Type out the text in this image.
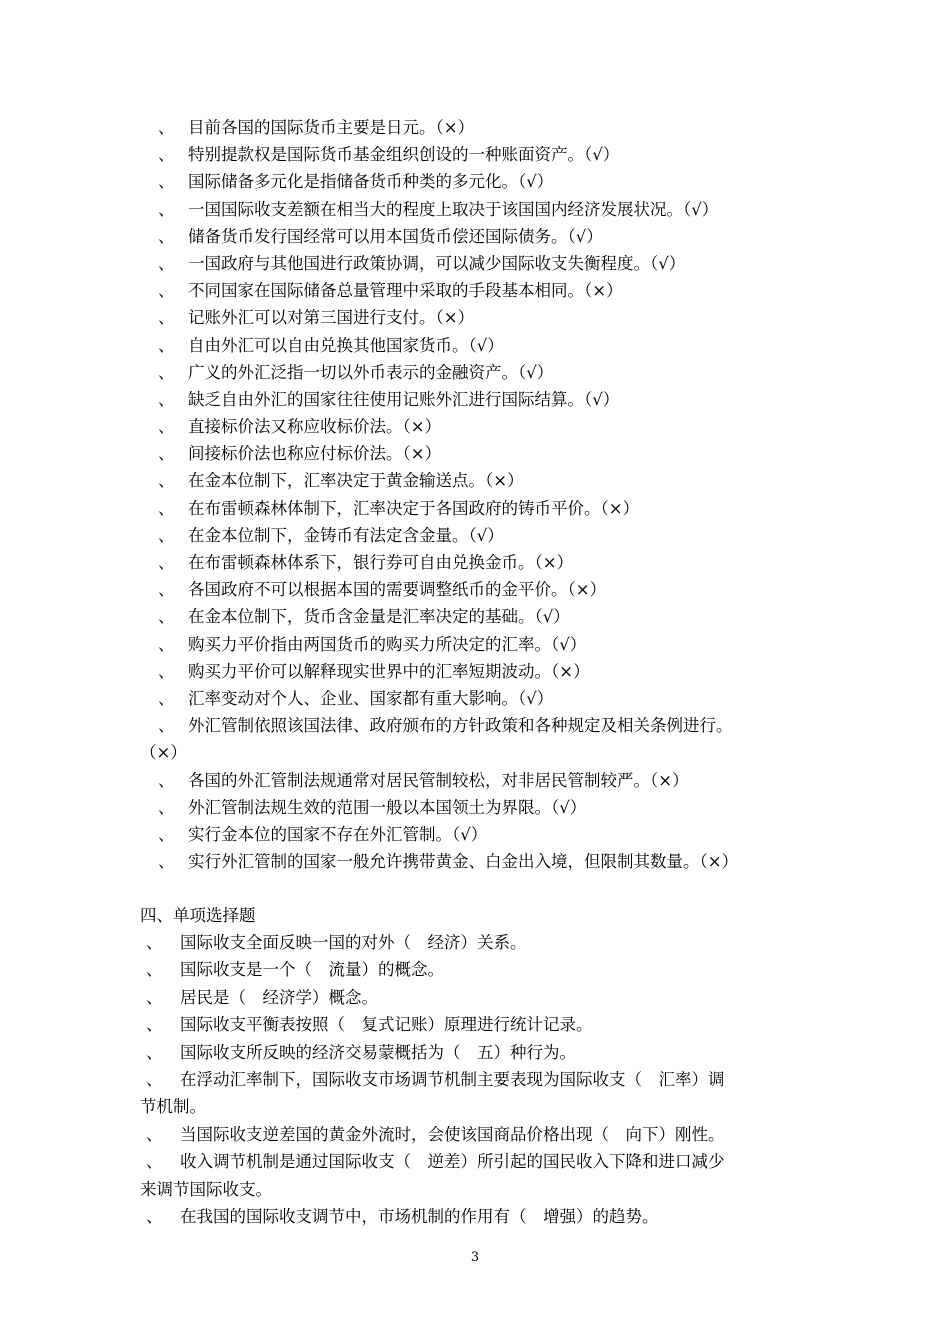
、 目前各国的国际货币主要是日元。（×）
、 特别提款权是国际货币基金组织创设的一种账面资产。（√）
、 国际储备多元化是指储备货币种类的多元化。（√）
、 一国国际收支差额在相当大的程度上取决于该国国内经济发展状况。（√）
、 储备货币发行国经常可以用本国货币偿还国际债务。（√）
、 一国政府与其他国进行政策协调，可以减少国际收支失衡程度。（√）
、 不同国家在国际储备总量管理中采取的手段基本相同。（×）
、 记账外汇可以对第三国进行支付。（×）
、 自由外汇可以自由兑换其他国家货币。（√）
、 广义的外汇泛指一切以外币表示的金融资产。（√）
、 缺乏自由外汇的国家往往使用记账外汇进行国际结算。（√）
、 直接标价法又称应收标价法。（×）
、 间接标价法也称应付标价法。（×）
、 在金本位制下，汇率决定于黄金输送点。（×）
、 在布雷顿森林体制下，汇率决定于各国政府的铸币平价。（×）
、 在金本位制下，金铸币有法定含金量。（√）
、 在布雷顿森林体系下，银行券可自由兑换金币。（×）
、 各国政府不可以根据本国的需要调整纸币的金平价。（×）
、 在金本位制下，货币含金量是汇率决定的基础。（√）
、 购买力平价指由两国货币的购买力所决定的汇率。（√）
、 购买力平价可以解释现实世界中的汇率短期波动。（×）
、 汇率变动对个人、企业、国家都有重大影响。（√）
、 外汇管制依照该国法律、政府颁布的方针政策和各种规定及相关条例进行。
（×）
、 各国的外汇管制法规通常对居民管制较松，对非居民管制较严。（×）
、 外汇管制法规生效的范围一般以本国领土为界限。（√）
、 实行金本位的国家不存在外汇管制。（√）
、 实行外汇管制的国家一般允许携带黄金、白金出入境，但限制其数量。（×）
四、单项选择题
、 国际收支全面反映一国的对外（　经济）关系。
、 国际收支是一个（　流量）的概念。
、 居民是（　经济学）概念。
、 国际收支平衡表按照（　复式记账）原理进行统计记录。
、 国际收支所反映的经济交易蒙概括为（　五）种行为。
、 在浮动汇率制下，国际收支市场调节机制主要表现为国际收支（　汇率）调
节机制。
、 当国际收支逆差国的黄金外流时，会使该国商品价格出现（　向下）刚性。
、 收入调节机制是通过国际收支（　逆差）所引起的国民收入下降和进口减少
来调节国际收支。
、 在我国的国际收支调节中，市场机制的作用有（　增强）的趋势。
3
